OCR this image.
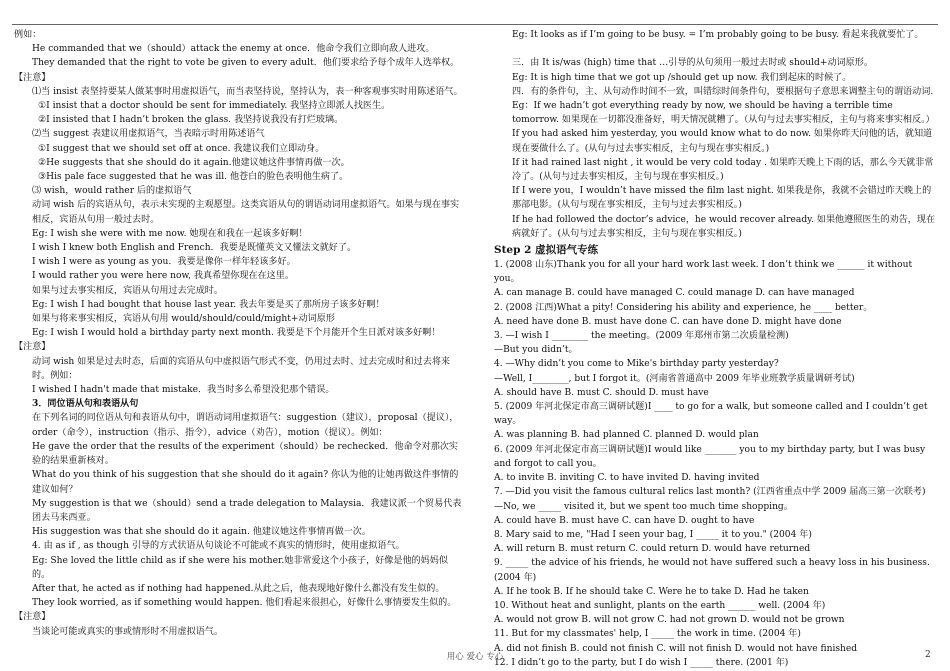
例如：

He commanded that we（should）attack the enemy at once．他命令我们立即向敌人进攻。

They demanded that the right to vote be given to every adult．他们要求给予每个成年人选举权。

【注意】

⑴当 insist 表坚持要某人做某事时用虚拟语气，而当表坚持说，坚持认为，表一种客观事实时用陈述语气。

①I insist that a doctor should be sent for immediately. 我坚持立即派人找医生。

②I insisted that I hadn’t broken the glass. 我坚持说我没有打烂玻璃。

⑵当 suggest 表建议用虚拟语气，当表暗示时用陈述语气

①I suggest that we should set off at once. 我建议我们立即动身。

②He suggests that she should do it again.他建议她这件事情再做一次。

③His pale face suggested that he was ill. 他苍白的脸色表明他生病了。

⑶ wish，would rather 后的虚拟语气

动词 wish 后的宾语从句，表示未实现的主观愿望。这类宾语从句的谓语动词用虚拟语气。如果与现在事实相反，宾语从句用一般过去时。

Eg: I wish she were with me now. 她现在和我在一起该多好啊！

I wish I knew both English and French．我要是既懂英文又懂法文就好了。

I wish I were as young as you．我要是像你一样年轻该多好。

I would rather you were here now, 我真希望你现在在这里。

如果与过去事实相反，宾语从句用过去完成时。

Eg: I wish I had bought that house last year. 我去年要是买了那所房子该多好啊！

如果与将来事实相反，宾语从句用 would/should/could/might+动词原形

Eg: I wish I would hold a birthday party next month. 我要是下个月能开个生日派对该多好啊！

【注意】

动词 wish 如果是过去时态，后面的宾语从句中虚拟语气形式不变，仍用过去时、过去完成时和过去将来时。例如：

I wished I hadn't made that mistake．我当时多么希望没犯那个错误。

3．同位语从句和表语从句

在下列名词的同位语从句和表语从句中，谓语动词用虚拟语气：suggestion（建议），proposal（提议），order（命令），instruction（指示、指令），advice（劝告），motion（提议）。例如：

He gave the order that the results of the experiment（should）be rechecked．他命令对那次实验的结果重新核对。

What do you think of his suggestion that she should do it again? 你认为他的让她再做这件事情的建议如何？

My suggestion is that we（should）send a trade delegation to Malaysia．我建议派一个贸易代表团去马来西亚。

His suggestion was that she should do it again. 他建议她这件事情再做一次。

4. 由 as if , as though 引导的方式状语从句谈论不可能或不真实的情形时，使用虚拟语气。

Eg: She loved the little child as if she were his mother.她非常爱这个小孩子，好像是他的妈妈似的。

After that, he acted as if nothing had happened.从此之后，他表现地好像什么都没有发生似的。

They look worried, as if something would happen. 他们看起来很担心，好像什么事情要发生似的。

【注意】

当谈论可能或真实的事或情形时不用虚拟语气。

Eg: It looks as if I’m going to be busy. = I’m probably going to be busy. 看起来我就要忙了。

三．由 It is/was (high) time that …引导的从句须用一般过去时或 should+动词原形。

Eg: It is high time that we got up /should get up now. 我们到起床的时候了。

四．有的条件句，主、从句动作时间不一致，叫错综时间条件句，要根据句子意思来调整主句的谓语动词.

Eg：If we hadn’t got everything ready by now, we should be having a terrible time tomorrow. 如果现在一切都没准备好，明天情况就糟了。（从句与过去事实相反，主句与将来事实相反。）

If you had asked him yesterday, you would know what to do now. 如果你昨天问他的话，就知道现在要做什么了。(从句与过去事实相反，主句与现在事实相反。)

If it had rained last night , it would be very cold today . 如果昨天晚上下雨的话，那么今天就非常冷了。(从句与过去事实相反，主句与现在事实相反。)

If I were you，I wouldn’t have missed the film last night. 如果我是你，我就不会错过昨天晚上的那部电影。(从句与现在事实相反，主句与过去事实相反。)

If he had followed the doctor’s advice，he would recover already. 如果他遵照医生的劝告，现在病就好了。(从句与过去事实相反，主句与现在事实相反。)

Step 2 虚拟语气专练

1. (2008 山东)Thank you for all your hard work last week. I don’t think we ______ it without you。

A. can manage B. could have managed C. could manage D. can have managed

2. (2008 江西)What a pity! Considering his ability and experience, he ____ better。

A. need have done B. must have done C. can have done D. might have done

3. —I wish I ________ the meeting。(2009 年郑州市第二次质量检测)

—But you didn’t。

4. —Why didn’t you come to Mike's birthday party yesterday?

—Well, I________, but I forgot it。(河南省普通高中 2009 年毕业班教学质量调研考试)

A. should have B. must C. should D. must have

5. (2009 年河北保定市高三调研试题)I ____ to go for a walk, but someone called and I couldn’t get way。

A. was planning B. had planned C. planned D. would plan

6. (2009 年河北保定市高三调研试题)I would like _______ you to my birthday party, but I was busy and forgot to call you。

A. to invite B. inviting C. to have invited D. having invited

7. —Did you visit the famous cultural relics last month? (江西省重点中学 2009 届高三第一次联考)

—No, we _____ visited it, but we spent too much time shopping。

A. could have B. must have C. can have D. ought to have

8. Mary said to me, "Had I seen your bag, I _____ it to you." (2004 年)

A. will return B. must return C. could return D. would have returned

9. _____ the advice of his friends, he would not have suffered such a heavy loss in his business. (2004 年)

A. If he took B. If he should take C. Were he to take D. Had he taken

10. Without heat and sunlight, plants on the earth ______ well. (2004 年)

A. would not grow B. will not grow C. had not grown D. would not be grown

11. But for my classmates' help, I _____ the work in time. (2004 年)

A. did not finish B. could not finish C. will not finish D. would not have finished

12. I didn’t go to the party, but I do wish I _____ there. (2001 年)

用心 爱心 专心	2
